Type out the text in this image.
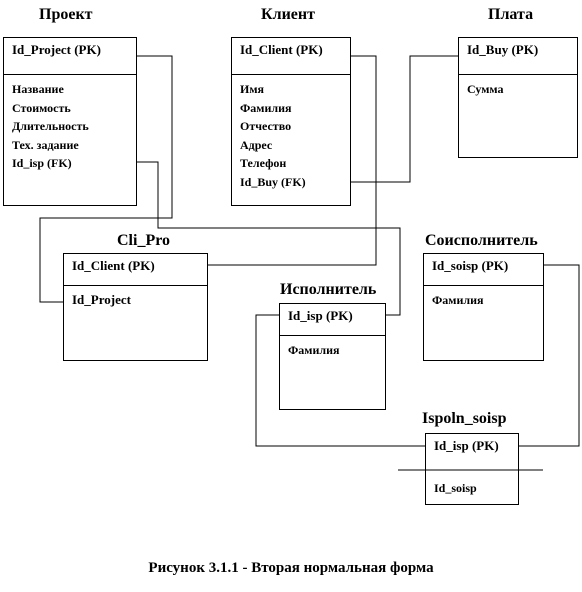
Проект
Id_Project (PK)
Название
Стоимость
Длительность
Тех. задание
Id_isp (FK)
Клиент
Id_Client (PK)
Имя
Фамилия
Отчество
Адрес
Телефон
Id_Buy (FK)
Плата
Id_Buy (PK)
Сумма
Cli_Pro
Id_Client (PK)
Id_Project
Соисполнитель
Id_soisp (PK)
Фамилия
Исполнитель
Id_isp (PK)
Фамилия
Ispoln_soisp
Id_isp (PK)
Id_soisp
Рисунок 3.1.1 - Вторая нормальная форма
